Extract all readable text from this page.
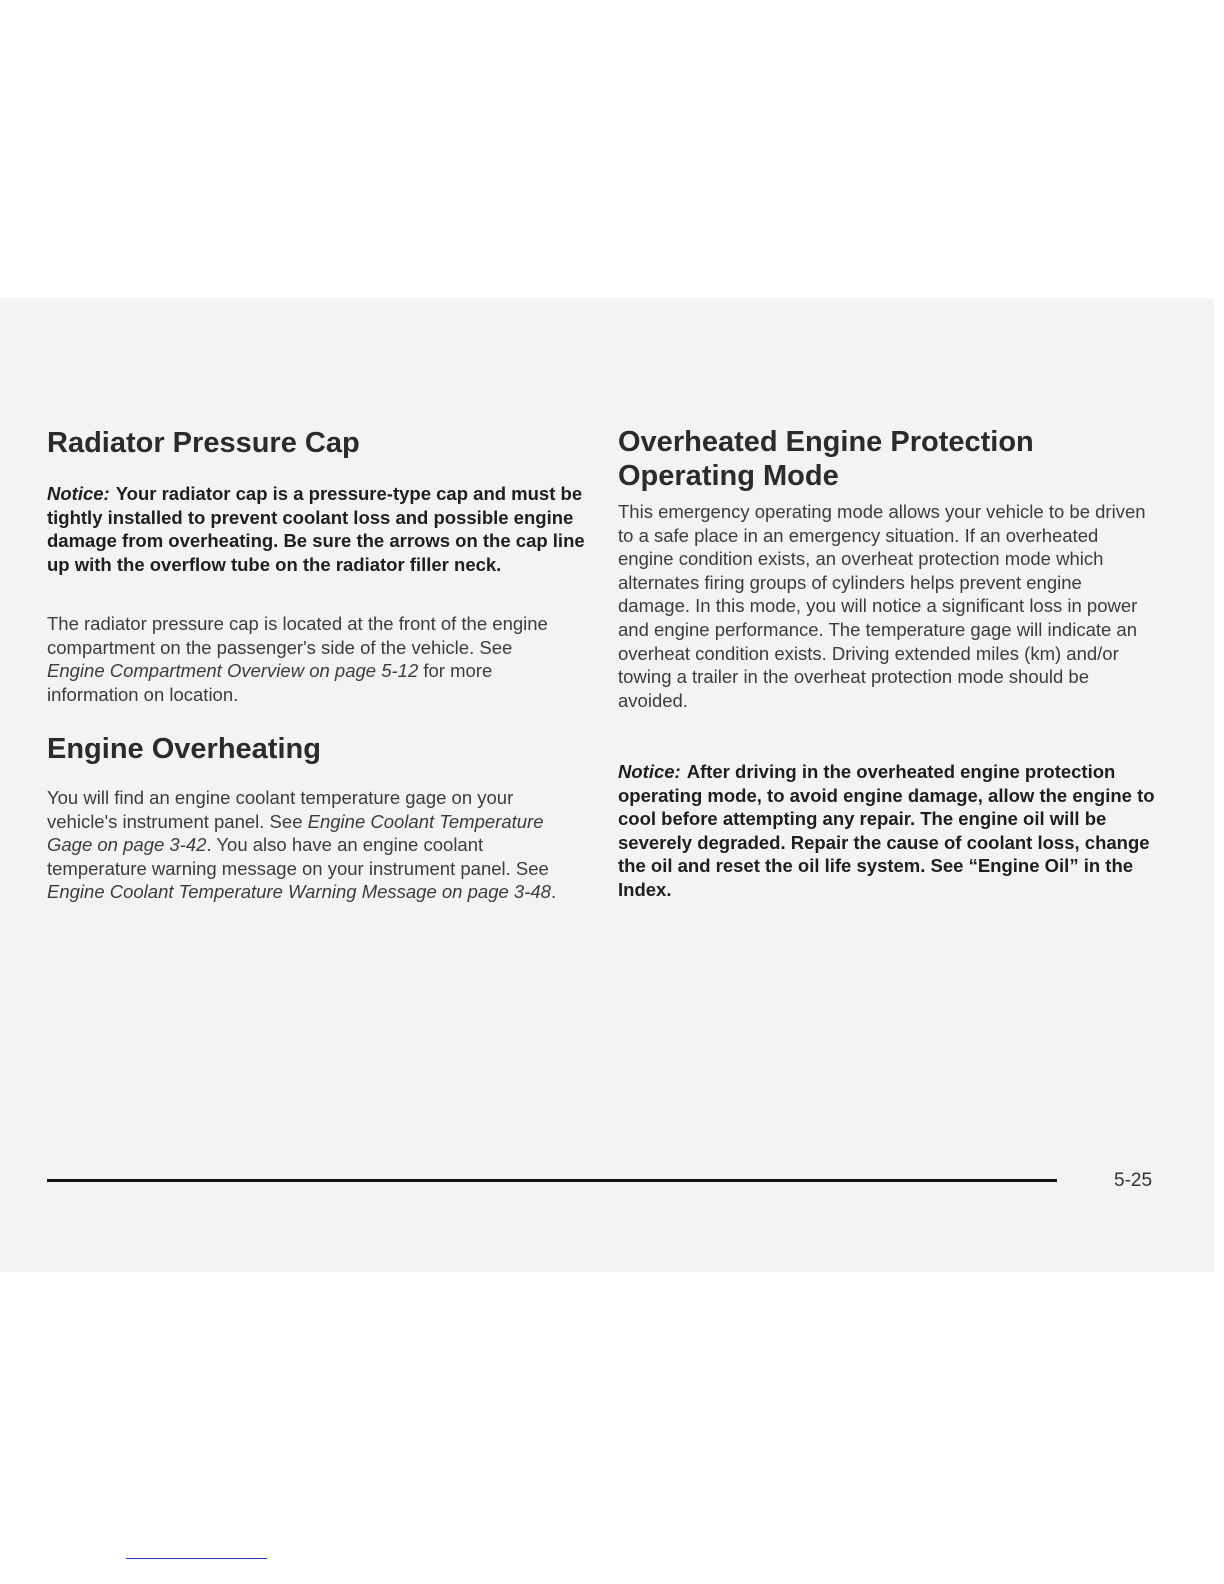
Radiator Pressure Cap

Notice: Your radiator cap is a pressure-type cap and must be tightly installed to prevent coolant loss and possible engine damage from overheating. Be sure the arrows on the cap line up with the overflow tube on the radiator filler neck.

The radiator pressure cap is located at the front of the engine compartment on the passenger's side of the vehicle. See Engine Compartment Overview on page 5-12 for more information on location.

Engine Overheating

You will find an engine coolant temperature gage on your vehicle's instrument panel. See Engine Coolant Temperature Gage on page 3-42. You also have an engine coolant temperature warning message on your instrument panel. See Engine Coolant Temperature Warning Message on page 3-48.

Overheated Engine Protection Operating Mode

This emergency operating mode allows your vehicle to be driven to a safe place in an emergency situation. If an overheated engine condition exists, an overheat protection mode which alternates firing groups of cylinders helps prevent engine damage. In this mode, you will notice a significant loss in power and engine performance. The temperature gage will indicate an overheat condition exists. Driving extended miles (km) and/or towing a trailer in the overheat protection mode should be avoided.

Notice: After driving in the overheated engine protection operating mode, to avoid engine damage, allow the engine to cool before attempting any repair. The engine oil will be severely degraded. Repair the cause of coolant loss, change the oil and reset the oil life system. See “Engine Oil” in the Index.

5-25
